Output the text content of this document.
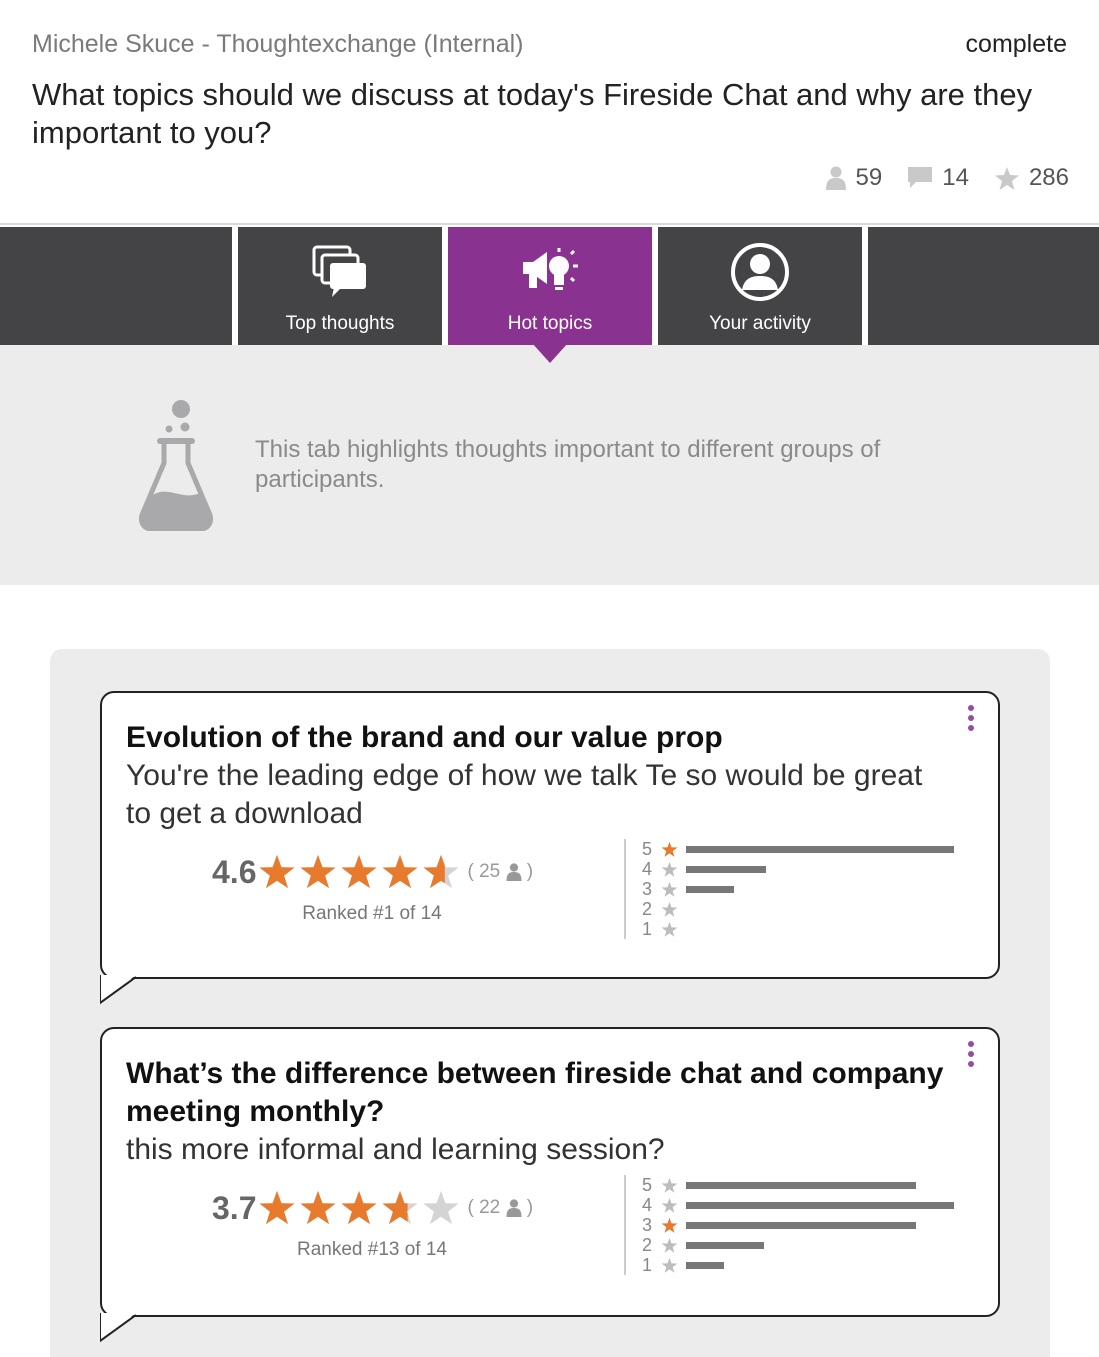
Michele Skuce - Thoughtexchange (Internal)	complete
What topics should we discuss at today's Fireside Chat and why are they important to you?
59	14	286
Top thoughts	Hot topics	Your activity
This tab highlights thoughts important to different groups of participants.
Evolution of the brand and our value prop
You're the leading edge of how we talk Te so would be great to get a download
4.6	( 25
)
Ranked #1 of 14
5
4
3
2
1
What’s the difference between fireside chat and company meeting monthly?
this more informal and learning session?
3.7	( 22
)
Ranked #13 of 14
5
4
3
2
1
